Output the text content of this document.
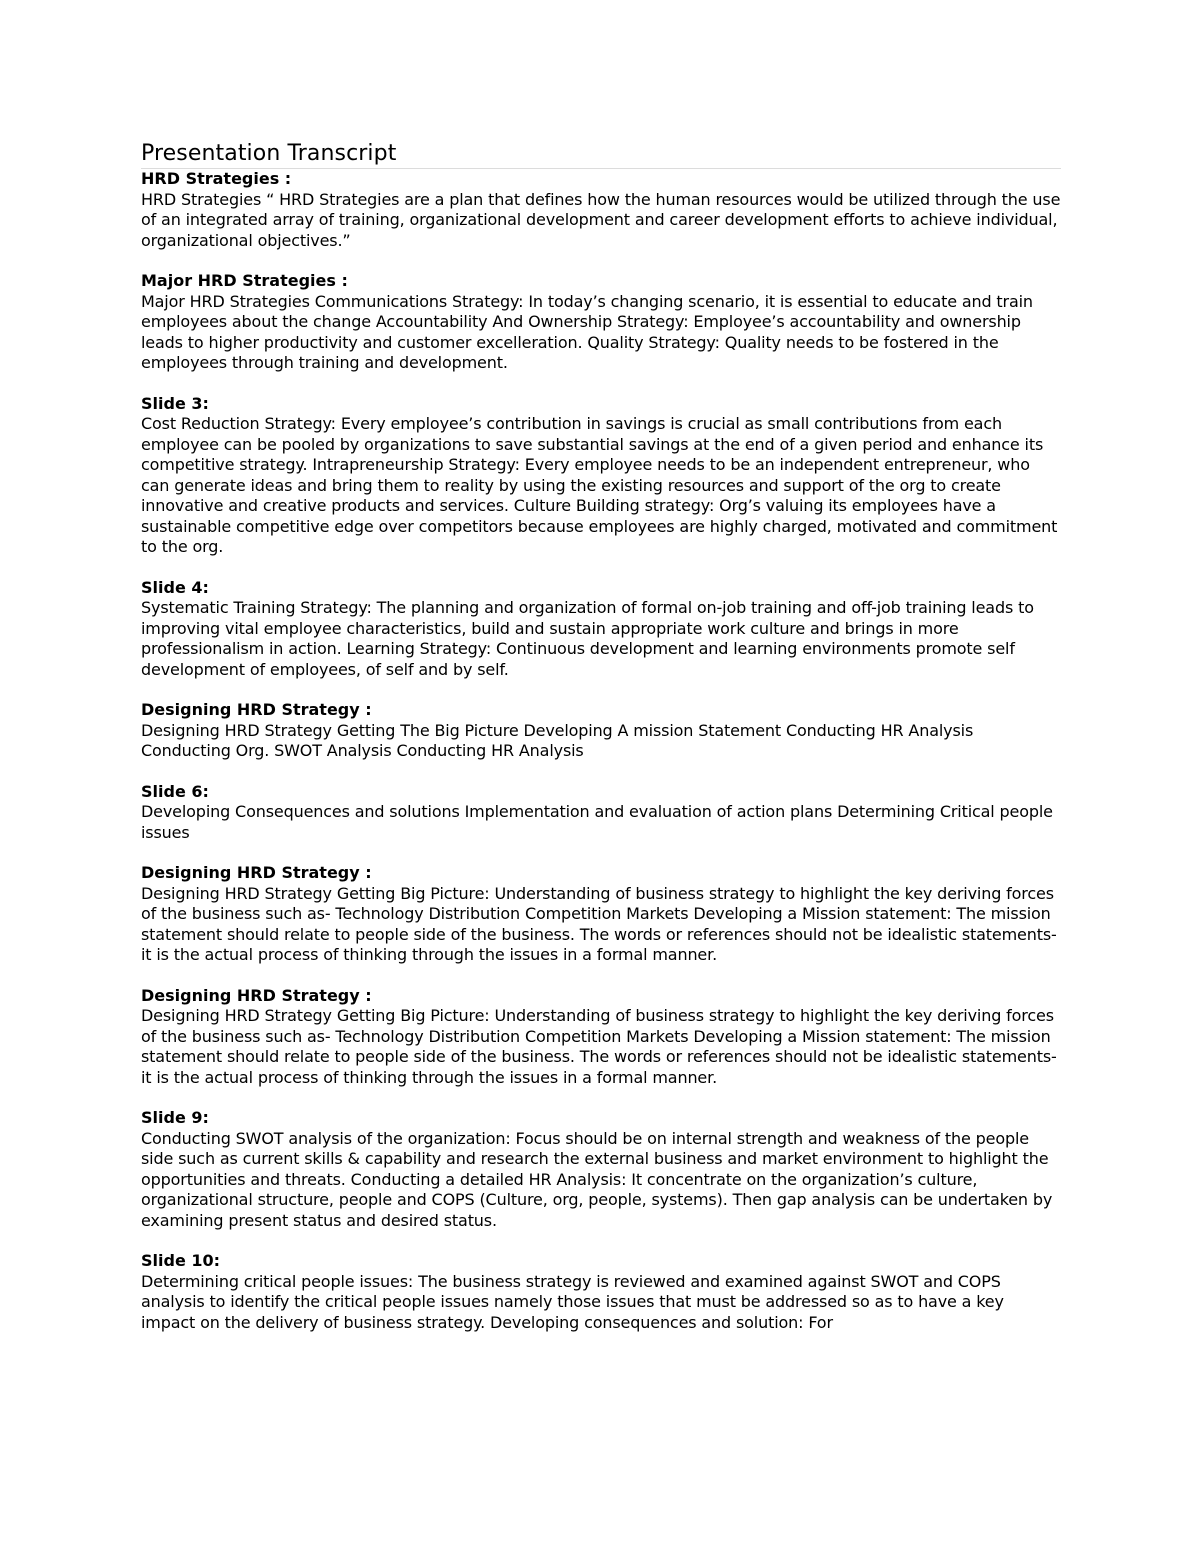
Presentation Transcript

HRD Strategies :

HRD Strategies “ HRD Strategies are a plan that defines how the human resources would be utilized through the use of an integrated array of training, organizational development and career development efforts to achieve individual, organizational objectives.”

Major HRD Strategies :

Major HRD Strategies Communications Strategy: In today’s changing scenario, it is essential to educate and train employees about the change Accountability And Ownership Strategy: Employee’s accountability and ownership leads to higher productivity and customer excelleration. Quality Strategy: Quality needs to be fostered in the employees through training and development.

Slide 3:

Cost Reduction Strategy: Every employee’s contribution in savings is crucial as small contributions from each employee can be pooled by organizations to save substantial savings at the end of a given period and enhance its competitive strategy. Intrapreneurship Strategy: Every employee needs to be an independent entrepreneur, who can generate ideas and bring them to reality by using the existing resources and support of the org to create innovative and creative products and services. Culture Building strategy: Org’s valuing its employees have a sustainable competitive edge over competitors because employees are highly charged, motivated and commitment to the org.

Slide 4:

Systematic Training Strategy: The planning and organization of formal on-job training and off-job training leads to improving vital employee characteristics, build and sustain appropriate work culture and brings in more professionalism in action. Learning Strategy: Continuous development and learning environments promote self development of employees, of self and by self.

Designing HRD Strategy :

Designing HRD Strategy Getting The Big Picture Developing A mission Statement Conducting HR Analysis Conducting Org. SWOT Analysis Conducting HR Analysis

Slide 6:

Developing Consequences and solutions Implementation and evaluation of action plans Determining Critical people issues

Designing HRD Strategy :

Designing HRD Strategy Getting Big Picture: Understanding of business strategy to highlight the key deriving forces of the business such as- Technology Distribution Competition Markets Developing a Mission statement: The mission statement should relate to people side of the business. The words or references should not be idealistic statements-it is the actual process of thinking through the issues in a formal manner.

Designing HRD Strategy :

Designing HRD Strategy Getting Big Picture: Understanding of business strategy to highlight the key deriving forces of the business such as- Technology Distribution Competition Markets Developing a Mission statement: The mission statement should relate to people side of the business. The words or references should not be idealistic statements-it is the actual process of thinking through the issues in a formal manner.

Slide 9:

Conducting SWOT analysis of the organization: Focus should be on internal strength and weakness of the people side such as current skills & capability and research the external business and market environment to highlight the opportunities and threats. Conducting a detailed HR Analysis: It concentrate on the organization’s culture, organizational structure, people and COPS (Culture, org, people, systems). Then gap analysis can be undertaken by examining present status and desired status.

Slide 10:

Determining critical people issues: The business strategy is reviewed and examined against SWOT and COPS analysis to identify the critical people issues namely those issues that must be addressed so as to have a key impact on the delivery of business strategy. Developing consequences and solution: For
